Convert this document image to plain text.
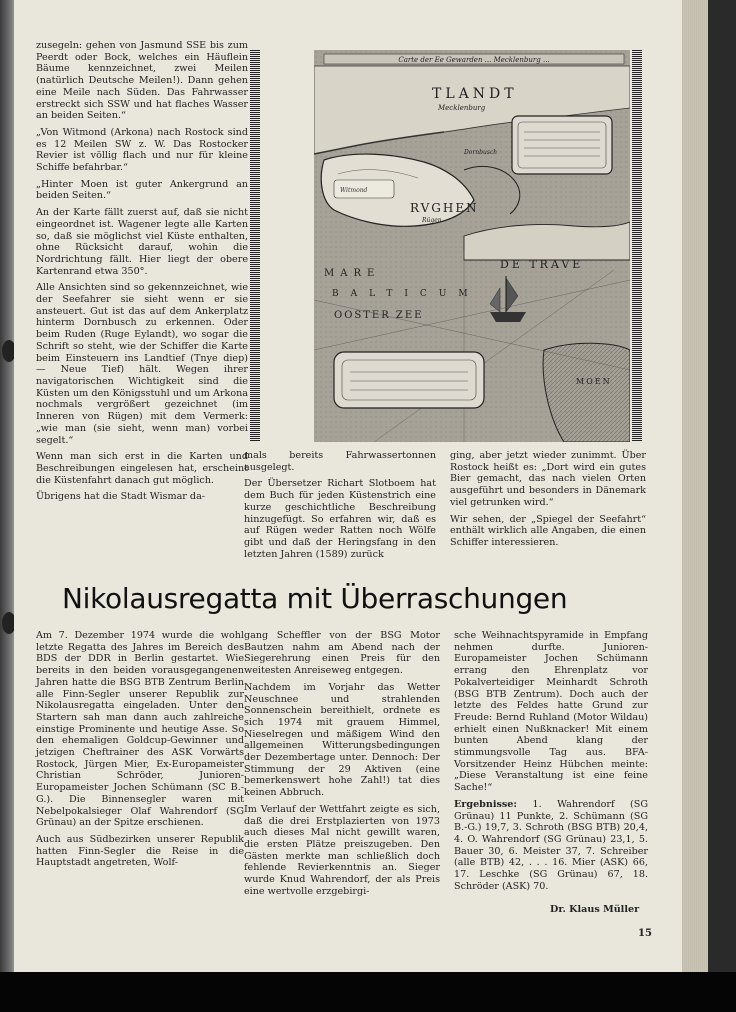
zusegeln: gehen von Jasmund SSE bis zum Peerdt oder Bock, welches ein Häuflein Bäume kennzeichnet, zwei Meilen (natürlich Deutsche Meilen!). Dann gehen eine Meile nach Süden. Das Fahrwasser erstreckt sich SSW und hat flaches Wasser an beiden Seiten.“

„Von Witmond (Arkona) nach Rostock sind es 12 Meilen SW z. W. Das Rostocker Revier ist völlig flach und nur für kleine Schiffe befahrbar.“

„Hinter Moen ist guter Ankergrund an beiden Seiten.“

An der Karte fällt zuerst auf, daß sie nicht eingeordnet ist. Wagener legte alle Karten so, daß sie möglichst viel Küste enthalten, ohne Rücksicht darauf, wohin die Nordrichtung fällt. Hier liegt der obere Kartenrand etwa 350°.

Alle Ansichten sind so gekennzeichnet, wie der Seefahrer sie sieht wenn er sie ansteuert. Gut ist das auf dem Ankerplatz hinterm Dornbusch zu erkennen. Oder beim Ruden (Ruge Eylandt), wo sogar die Schrift so steht, wie der Schiffer die Karte beim Einsteuern ins Landtief (Tnye diep) — Neue Tief) hält. Wegen ihrer navigatorischen Wichtigkeit sind die Küsten um den Königsstuhl und um Arkona nochmals vergrößert gezeichnet (im Inneren von Rügen) mit dem Vermerk: „wie man (sie sieht, wenn man) vorbei segelt.“

Wenn man sich erst in die Karten und Beschreibungen eingelesen hat, erscheint die Küstenfahrt danach gut möglich.

Übrigens hat die Stadt Wismar da-

Carte der Ee Gewarden ... Mecklenburg ...
TLANDT
Mecklenburg
Witmond
RVGHEN
Rügen
Dornbusch
DE TRAVE
MARE
BALTICUM
OOSTER ZEE
MOEN

mals bereits Fahrwassertonnen ausgelegt.

Der Übersetzer Richart Slotboem hat dem Buch für jeden Küstenstrich eine kurze geschichtliche Beschreibung hinzugefügt. So erfahren wir, daß es auf Rügen weder Ratten noch Wölfe gibt und daß der Heringsfang in den letzten Jahren (1589) zurück

ging, aber jetzt wieder zunimmt. Über Rostock heißt es: „Dort wird ein gutes Bier gemacht, das nach vielen Orten ausgeführt und besonders in Dänemark viel getrunken wird.“

Wir sehen, der „Spiegel der Seefahrt“ enthält wirklich alle Angaben, die einen Schiffer interessieren.

Nikolausregatta mit Überraschungen

Am 7. Dezember 1974 wurde die wohl letzte Regatta des Jahres im Bereich des BDS der DDR in Berlin gestartet. Wie bereits in den beiden vorausgegangenen Jahren hatte die BSG BTB Zentrum Berlin alle Finn-Segler unserer Republik zur Nikolausregatta eingeladen. Unter den Startern sah man dann auch zahlreiche einstige Prominente und heutige Asse. So den ehemaligen Goldcup-Gewinner und jetzigen Cheftrainer des ASK Vorwärts Rostock, Jürgen Mier, Ex-Europameister Christian Schröder, Junioren-Europameister Jochen Schümann (SC B.-G.). Die Binnensegler waren mit Nebelpokalsieger Olaf Wahrendorf (SG Grünau) an der Spitze erschienen.

Auch aus Südbezirken unserer Republik hatten Finn-Segler die Reise in die Hauptstadt angetreten, Wolf-

gang Scheffler von der BSG Motor Bautzen nahm am Abend nach der Siegerehrung einen Preis für den weitesten Anreiseweg entgegen.

Nachdem im Vorjahr das Wetter Neuschnee und strahlenden Sonnenschein bereithielt, ordnete es sich 1974 mit grauem Himmel, Nieselregen und mäßigem Wind den allgemeinen Witterungsbedingungen der Dezembertage unter. Dennoch: Der Stimmung der 29 Aktiven (eine bemerkenswert hohe Zahl!) tat dies keinen Abbruch.

Im Verlauf der Wettfahrt zeigte es sich, daß die drei Erstplazierten von 1973 auch dieses Mal nicht gewillt waren, die ersten Plätze preiszugeben. Den Gästen merkte man schließlich doch fehlende Revierkenntnis an. Sieger wurde Knud Wahrendorf, der als Preis eine wertvolle erzgebirgi-

sche Weihnachtspyramide in Empfang nehmen durfte. Junioren-Europameister Jochen Schümann errang den Ehrenplatz vor Pokalverteidiger Meinhardt Schroth (BSG BTB Zentrum). Doch auch der letzte des Feldes hatte Grund zur Freude: Bernd Ruhland (Motor Wildau) erhielt einen Nußknacker! Mit einem bunten Abend klang der stimmungsvolle Tag aus. BFA-Vorsitzender Heinz Hübchen meinte: „Diese Veranstaltung ist eine feine Sache!“

Ergebnisse: 1. Wahrendorf (SG Grünau) 11 Punkte, 2. Schümann (SG B.-G.) 19,7, 3. Schroth (BSG BTB) 20,4, 4. O. Wahrendorf (SG Grünau) 23,1, 5. Bauer 30, 6. Meister 37, 7. Schreiber (alle BTB) 42, . . . 16. Mier (ASK) 66, 17. Leschke (SG Grünau) 67, 18. Schröder (ASK) 70.

Dr. Klaus Müller
15
